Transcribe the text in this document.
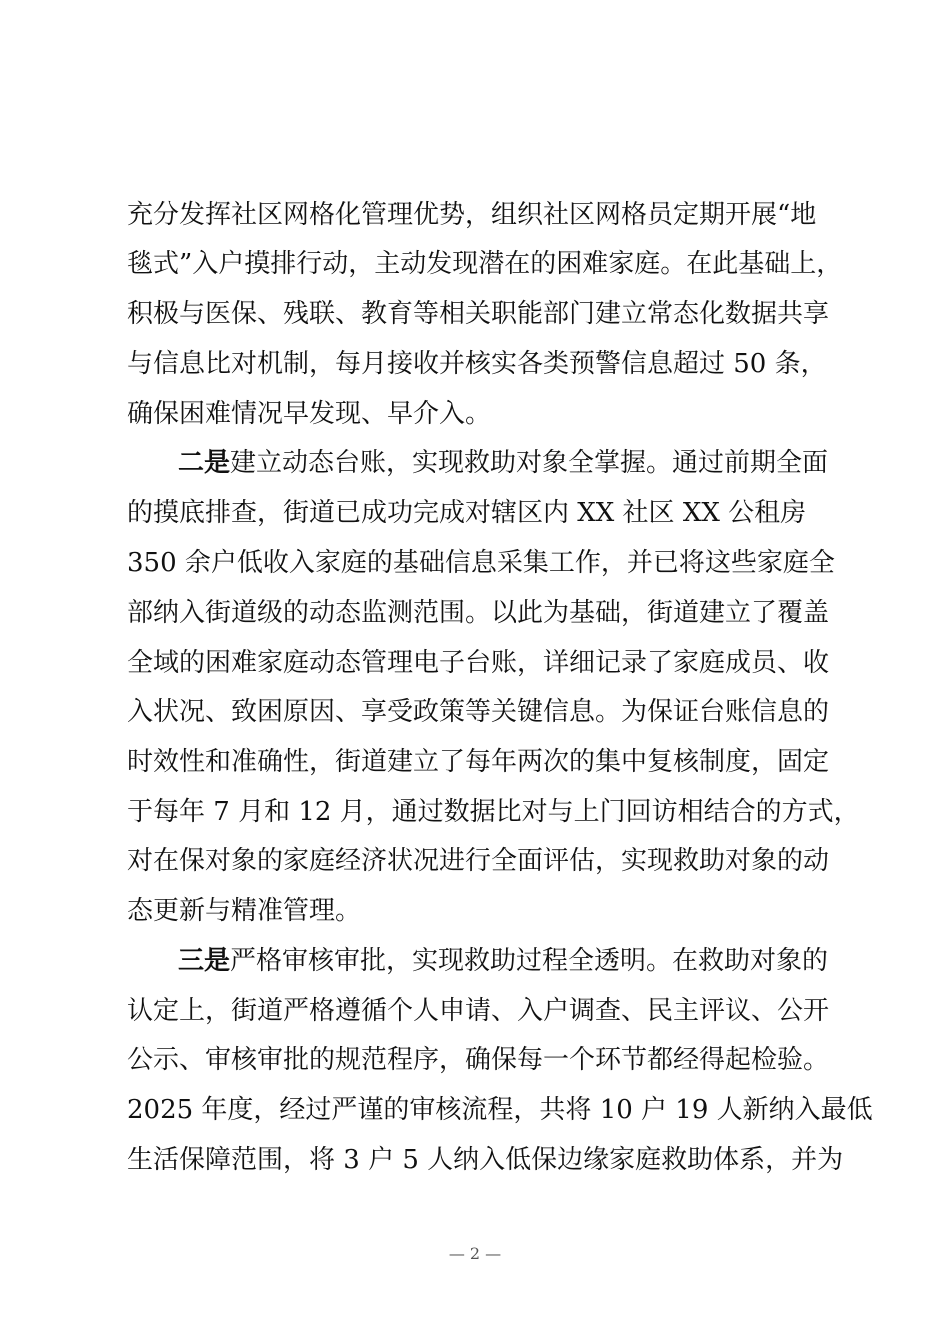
充分发挥社区网格化管理优势，组织社区网格员定期开展“地
毯式”入户摸排行动，主动发现潜在的困难家庭。在此基础上，
积极与医保、残联、教育等相关职能部门建立常态化数据共享
与信息比对机制，每月接收并核实各类预警信息超过 50 条，
确保困难情况早发现、早介入。
二是建立动态台账，实现救助对象全掌握。通过前期全面
的摸底排查，街道已成功完成对辖区内 XX 社区 XX 公租房
350 余户低收入家庭的基础信息采集工作，并已将这些家庭全
部纳入街道级的动态监测范围。以此为基础，街道建立了覆盖
全域的困难家庭动态管理电子台账，详细记录了家庭成员、收
入状况、致困原因、享受政策等关键信息。为保证台账信息的
时效性和准确性，街道建立了每年两次的集中复核制度，固定
于每年 7 月和 12 月，通过数据比对与上门回访相结合的方式，
对在保对象的家庭经济状况进行全面评估，实现救助对象的动
态更新与精准管理。
三是严格审核审批，实现救助过程全透明。在救助对象的
认定上，街道严格遵循个人申请、入户调查、民主评议、公开
公示、审核审批的规范程序，确保每一个环节都经得起检验。
2025 年度，经过严谨的审核流程，共将 10 户 19 人新纳入最低
生活保障范围，将 3 户 5 人纳入低保边缘家庭救助体系，并为
— 2 —
